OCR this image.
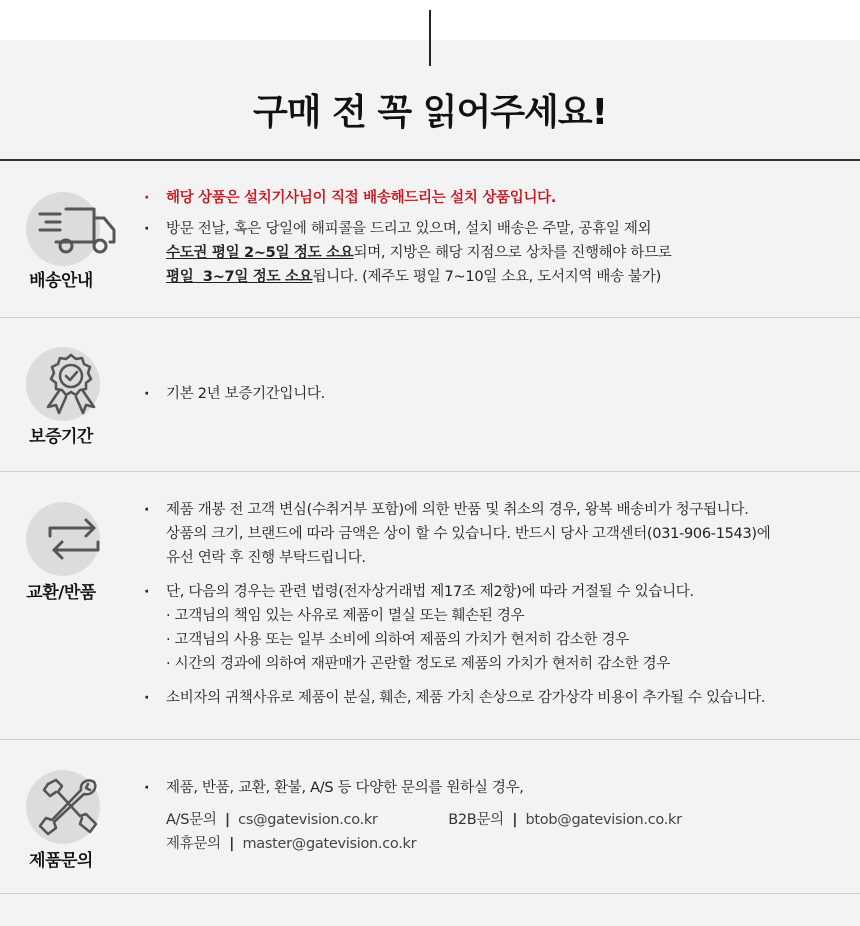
구매 전 꼭 읽어주세요!
배송안내

· 해당 상품은 설치기사님이 직접 배송해드리는 설치 상품입니다.

· 방문 전날, 혹은 당일에 해피콜을 드리고 있으며, 설치 배송은 주말, 공휴일 제외

수도권 평일 2~5일 정도 소요되며, 지방은 해당 지점으로 상차를 진행해야 하므로

평일  3~7일 정도 소요됩니다. (제주도 평일 7~10일 소요, 도서지역 배송 불가)

보증기간

· 기본 2년 보증기간입니다.

교환/반품

· 제품 개봉 전 고객 변심(수취거부 포함)에 의한 반품 및 취소의 경우, 왕복 배송비가 청구됩니다.

상품의 크기, 브랜드에 따라 금액은 상이 할 수 있습니다. 반드시 당사 고객센터(031-906-1543)에

유선 연락 후 진행 부탁드립니다.

· 단, 다음의 경우는 관련 법령(전자상거래법 제17조 제2항)에 따라 거절될 수 있습니다.

· 고객님의 책임 있는 사유로 제품이 멸실 또는 훼손된 경우

· 고객님의 사용 또는 일부 소비에 의하여 제품의 가치가 현저히 감소한 경우

· 시간의 경과에 의하여 재판매가 곤란할 정도로 제품의 가치가 현저히 감소한 경우

· 소비자의 귀책사유로 제품이 분실, 훼손, 제품 가치 손상으로 감가상각 비용이 추가될 수 있습니다.

제품문의

· 제품, 반품, 교환, 환불, A/S 등 다양한 문의를 원하실 경우,

A/S문의 | cs@gatevision.co.kr	B2B문의 | btob@gatevision.co.kr
제휴문의 | master@gatevision.co.kr
